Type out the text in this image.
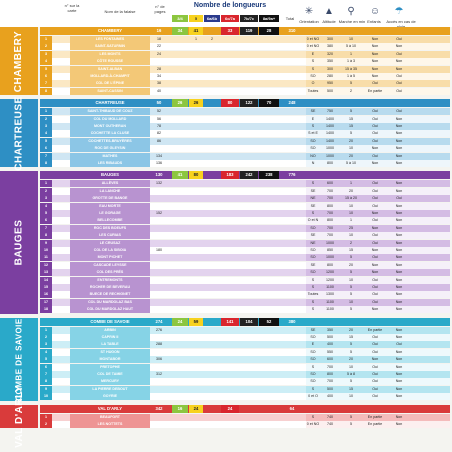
n° sur la carte	Nom de la falaise
n° de pages
Nombre de longueurs
3/4	5	6a/6b	6c/7a	7b/7c	8a/9a+	Total
✳
Orientation
▲
Altitude
⚲
Marche en min
☺
Enfants
☂
Accès en cas de
CHAMBERY	CHAMBERY	16	34	41	33	119	28	310
1	LES FONTAINES	18	1	2	0 et NO	300	10	Non	Oui
2	SAINT-SATURNIN	22	0 et NO	380	5 à 10	Non	Non
3	LES MONTS	24	E	320	1	Non	Oui
4	CÔTE ROUSSE	S	350	1 à 3	Non	Non
5	SAINT-ALBAN	28	S	300	15 à 35	Non	Non
6	MOLLARD-À-CHAMPIT	34	SO	280	1 à 5	Non	Oui
7	COL DE L'ÉPINE	38	O	950	5	Oui	Oui
8	SAINT-CASSIN	40	Toutes	500	2	En partie	Oui
CHARTREUSE	CHARTREUSE	50	26	26	80	122	70	248
1	SAINT-THIBAUD DE COUZ	52	SE	750	5	Oui	Oui
2	COL DU MOLLARD	56	E	1400	15	Oui	Non
3	MONT OUTHERAN	78	S	1400	15	Oui	Non
4	COCHETTE LA CLUSE	82	S et E	1400	5	Oui	Non
5	COCHETTES-BRUYÈRES	86	SO	1400	20	Oui	Non
6	ROC DE GLEYSIN	SO	1000	10	Non	Non
7	MATHES	134	NO	1000	20	Oui	Non
8	LES RIBAUDS	136	N	800	5 à 10	Non	Non
BAUGES
BAUGES	130	41	80	183	242	238	776
1	ALLÈVES	132	S	600	1	Oui	Non
2	LA LANCHE	SE	700	20	Oui	Non
3	GROTTE DE BANGE	NE	700	15 à 20	Oui	Oui
4	EAU MORTE	SE	800	10	Oui	Non
5	LE GORAGE	152	S	700	10	Non	Non
6	BELLECOMBE	O et N	800	1	Oui	Non
7	ROC DES BOEUFS	SO	700	25	Non	Non
8	LES CURIAS	SE	700	10	Oui	Non
9	LE CRUSAZ	NE	1000	2	Oui	Non
10	COL DE LA SIBOIA	180	SO	850	15	Non	Non
11	MONT PICHET	SO	1000	5	Oui	Non
12	CASCADE LEYSSE	SE	800	20	Non	Non
13	COL DES PRÉS	SO	1200	5	Non	Non
14	ENTREMONTS	S	1200	10	Oui	Non
15	ROCHER DE BEVERAU	S	1100	5	Oui	Non
16	BUECE DE RECHIGNET	Toutes	1300	5	Oui	Non
17	COL DU MARDOLAZ BAS	S	1100	10	Oui	Non
18	COL DU MARDOLAZ HAUT	S	1100	5	Non	Non
COMBE DE SAVOIE	COMBE DE SAVOIE	274	24	59	141	104	52	380
1	ARBIN	276	SE	350	20	En partie	Non
2	CAPRIN II	SO	500	15	Oui	Non
3	LA TABLE	288	E	400	5	Oui	Oui
4	ST HUGON	SO	550	5	Oui	Non
5	MONTABOR	306	SO	600	20	Non	Non
6	PRETOPHE	S	700	10	Oui	Non
7	COL DE TAMIE	312	SO	800	5 à 8	Oui	Non
8	MERCURY	SO	700	5	Oui	Non
9	LA PIERRE DEBOUT	S	500	15	Oui	Non
10	GOYRIE	0 et O	400	10	Oui	Non
VAL D'ARLY	VAL D'ARLY	342	16	24	24	64
1	BEAUFORT	S	740	5	En partie	Non
2	LES NOTTETS	0 et NO	740	5	En partie	Non
